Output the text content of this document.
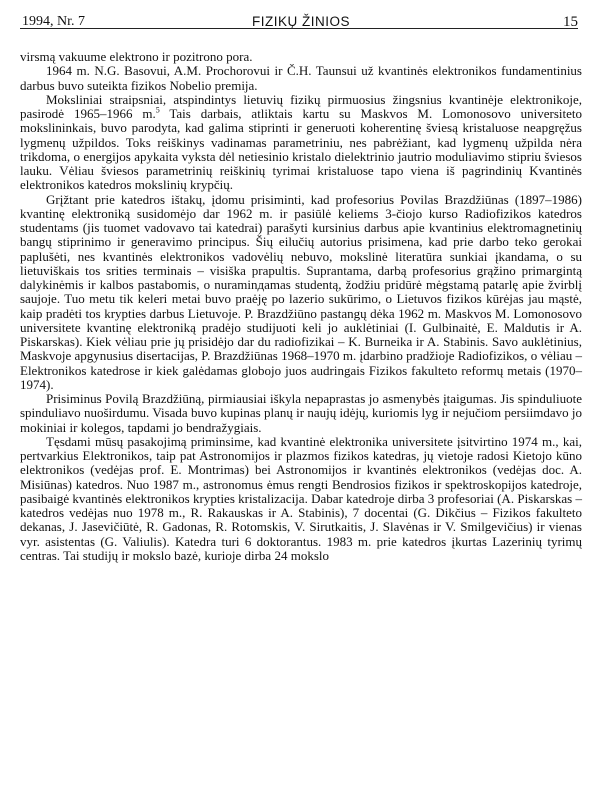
1994, Nr. 7	FIZIKŲ ŽINIOS	15

virsmą vakuume elektrono ir pozitrono pora.

1964 m. N.G. Basovui, A.M. Prochorovui ir Č.H. Taunsui už kvantinės elektronikos fundamentinius darbus buvo suteikta fizikos Nobelio premija.

Moksliniai straipsniai, atspindintys lietuvių fizikų pirmuosius žingsnius kvantinėje elektronikoje, pasirodė 1965–1966 m.$^5$ Tais darbais, atliktais kartu su Maskvos M. Lomonosovo universiteto mokslininkais, buvo parodyta, kad galima stiprinti ir generuoti koherentinę šviesą kristaluose neapgręžus lygmenų užpildos. Toks reiškinys vadinamas parametriniu, nes pabrėžiant, kad lygmenų užpilda nėra trikdoma, o energijos apykaita vyksta dėl netiesinio kristalo dielektrinio jautrio moduliavimo stipriu šviesos lauku. Vėliau šviesos parametrinių reiškinių tyrimai kristaluose tapo viena iš pagrindinių Kvantinės elektronikos katedros mokslinių krypčių.

Grįžtant prie katedros ištakų, įdomu prisiminti, kad profesorius Povilas Brazdžiūnas (1897–1986) kvantinę elektroniką susidomėjo dar 1962 m. ir pasiūlė keliems 3-čiojo kurso Radiofizikos katedros studentams (jis tuomet vadovavo tai katedrai) parašyti kursinius darbus apie kvantinius elektromagnetinių bangų stiprinimo ir generavimo principus. Šių eilučių autorius prisimena, kad prie darbo teko gerokai paplušėti, nes kvantinės elektronikos vadovėlių nebuvo, mokslinė literatūra sunkiai įkandama, o su lietuviškais tos srities terminais – visiška prapultis. Suprantama, darbą profesorius grąžino primargintą dalykinėmis ir kalbos pastabomis, o nuraminдamas studentą, žodžiu pridūrė mėgstamą patarlę apie žvirblį saujoje. Tuo metu tik keleri metai buvo praėję po lazerio sukūrimo, o Lietuvos fizikos kūrėjas jau mąstė, kaip pradėti tos krypties darbus Lietuvoje. P. Brazdžiūno pastangų dėka 1962 m. Maskvos M. Lomonosovo universitete kvantinę elektroniką pradėjo studijuoti keli jo auklėtiniai (I. Gulbinaitė, E. Maldutis ir A. Piskarskas). Kiek vėliau prie jų prisidėjo dar du radiofizikai – K. Burneika ir A. Stabinis. Savo auklėtinius, Maskvoje apgynusius disertacijas, P. Brazdžiūnas 1968–1970 m. įdarbino pradžioje Radiofizikos, o vėliau – Elektronikos katedrose ir kiek galėdamas globojo juos audringais Fizikos fakulteto reformų metais (1970–1974).

Prisiminus Povilą Brazdžiūną, pirmiausiai iškyla nepaprastas jo asmenybės įtaigumas. Jis spinduliuote spinduliavo nuoširdumu. Visada buvo kupinas planų ir naujų idėjų, kuriomis lyg ir nejučiom persiimdavo jo mokiniai ir kolegos, tapdami jo bendražygiais.

Tęsdami mūsų pasakojimą priminsime, kad kvantinė elektronika universitete įsitvirtino 1974 m., kai, pertvarkius Elektronikos, taip pat Astronomijos ir plazmos fizikos katedras, jų vietoje radosi Kietojo kūno elektronikos (vedėjas prof. E. Montrimas) bei Astronomijos ir kvantinės elektronikos (vedėjas doc. A. Misiūnas) katedros. Nuo 1987 m., astronomus ėmus rengti Bendrosios fizikos ir spektroskopijos katedroje, pasibaigė kvantinės elektronikos krypties kristalizacija. Dabar katedroje dirba 3 profesoriai (A. Piskarskas – katedros vedėjas nuo 1978 m., R. Rakauskas ir A. Stabinis), 7 docentai (G. Dikčius – Fizikos fakulteto dekanas, J. Jasevičiūtė, R. Gadonas, R. Rotomskis, V. Sirutkaitis, J. Slavėnas ir V. Smilgevičius) ir vienas vyr. asistentas (G. Valiulis). Katedra turi 6 doktorantus. 1983 m. prie katedros įkurtas Lazerinių tyrimų centras. Tai studijų ir mokslo bazė, kurioje dirba 24 mokslo
